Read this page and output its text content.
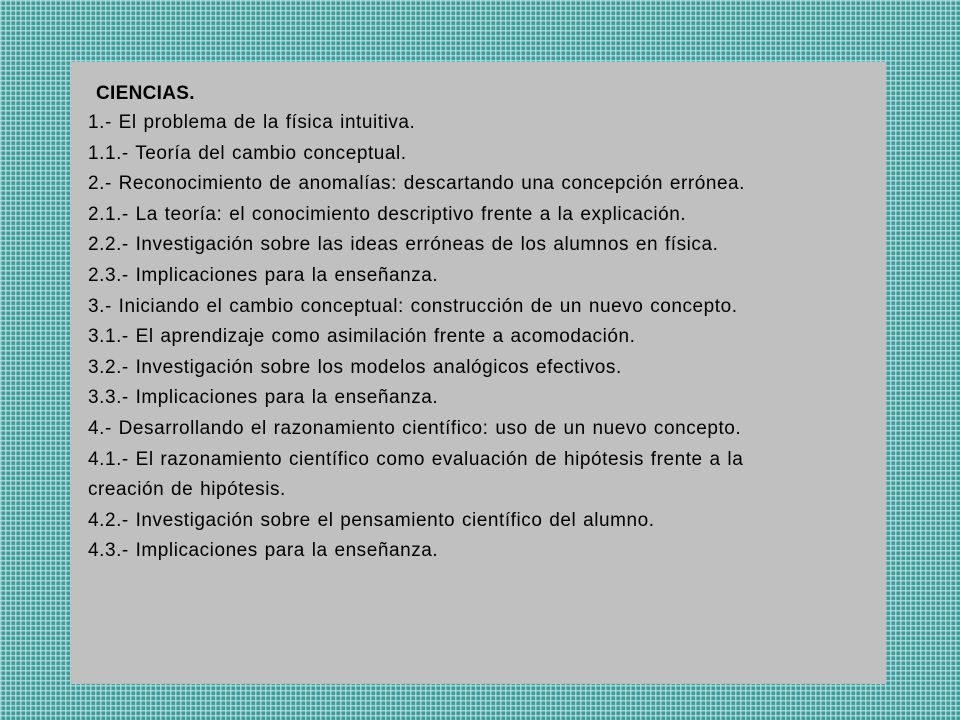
CIENCIAS.
1.- El problema de la física intuitiva.
1.1.- Teoría del cambio conceptual.
2.- Reconocimiento de anomalías: descartando una concepción errónea.
2.1.- La teoría: el conocimiento descriptivo frente a la explicación.
2.2.- Investigación sobre las ideas erróneas de los alumnos en física.
2.3.- Implicaciones para la enseñanza.
3.- Iniciando el cambio conceptual: construcción de un nuevo concepto.
3.1.- El aprendizaje como asimilación frente a acomodación.
3.2.- Investigación sobre los modelos analógicos efectivos.
3.3.- Implicaciones para la enseñanza.
4.- Desarrollando el razonamiento científico: uso de un nuevo concepto.
4.1.- El razonamiento científico como evaluación de hipótesis frente a la
creación de hipótesis.
4.2.- Investigación sobre el pensamiento científico del alumno.
4.3.- Implicaciones para la enseñanza.
